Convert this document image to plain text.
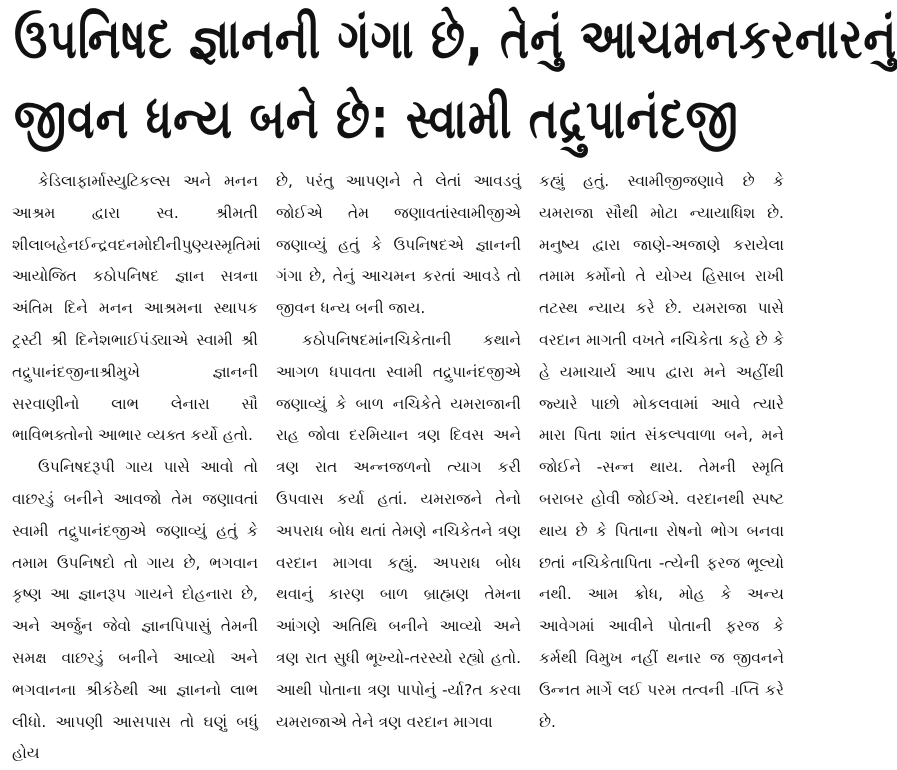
ઉપનિષદ જ્ઞાનની ગંગા છે, તેનું આચમનકરનારનું
જીવન ધન્ય બને છે: સ્વામી તદ્રુપાનંદજી

કેડિલાફાર્માસ્યુટિકલ્સ અને મનન આશ્રમ દ્વારા સ્વ. શ્રીમતી શીલાબહેનઈન્દ્રવદનમોદીનીપુણ્યસ્મૃતિમાં આયોજિત કઠોપનિષદ જ્ઞાન સત્રના અંતિમ દિને મનન આશ્રમના સ્થાપક ટ્રસ્ટી શ્રી દિનેશભાઈપંડ્યાએ સ્વામી શ્રી તદ્રુપાનંદજીનાશ્રીમુખે જ્ઞાનની સરવાણીનો લાભ લેનારા સૌ ભાવિભક્તોનો આભાર વ્યક્ત કર્યો હતો.

ઉપનિષદરૂપી ગાય પાસે આવો તો વાછરડું બનીને આવજો તેમ જણાવતાં સ્વામી તદ્રુપાનંદજીએ જણાવ્યું હતું કે તમામ ઉપનિષદો તો ગાય છે, ભગવાન કૃષ્ણ આ જ્ઞાનરૂપ ગાયને દોહનારા છે, અને અર્જુન જેવો જ્ઞાનપિપાસું તેમની સમક્ષ વાછરડું બનીને આવ્યો અને ભગવાનના શ્રીકંઠેથી આ જ્ઞાનનો લાભ લીધો. આપણી આસપાસ તો ઘણું બધું હોય

છે, પરંતુ આપણને તે લેતાં આવડવું જોઈએ તેમ જણાવતાંસ્વામીજીએ જણાવ્યું હતું કે ઉપનિષદએ જ્ઞાનની ગંગા છે, તેનું આચમન કરતાં આવડે તો જીવન ધન્ય બની જાય.

કઠોપનિષદમાંનચિકેતાની કથાને આગળ ધપાવતા સ્વામી તદ્રુપાનંદજીએ જણાવ્યું કે બાળ નચિકેતે યમરાજાની રાહ જોવા દરમિયાન ત્રણ દિવસ અને ત્રણ રાત અન્નજળનો ત્યાગ કરી ઉપવાસ કર્યા હતાં. યમરાજને તેનો અપરાધ બોધ થતાં તેમણે નચિકેતને ત્રણ વરદાન માગવા કહ્યું. અપરાધ બોધ થવાનું કારણ બાળ બ્રાહ્મણ તેમના આંગણે અતિથિ બનીને આવ્યો અને ત્રણ રાત સુધી ભૂખ્યો-તરસ્યો રહ્યો હતો. આથી પોતાના ત્રણ પાપોનું -ર્યા?ત કરવા યમરાજાએ તેને ત્રણ વરદાન માગવા

કહ્યું હતું. સ્વામીજીજણાવે છે કે યમરાજા સૌથી મોટા ન્યાયાધિશ છે. મનુષ્ય દ્વારા જાણે-અજાણે કરાયેલા તમામ કર્મોનો તે યોગ્ય હિસાબ રાખી તટસ્થ ન્યાય કરે છે. યમરાજા પાસે વરદાન માગતી વખતે નચિકેતા કહે છે કે હે યમાચાર્ય આપ દ્વારા મને અહીંથી જ્યારે પાછો મોકલવામાં આવે ત્યારે મારા પિતા શાંત સંકલ્પવાળા બને, મને જોઈને -સન્ન થાય. તેમની સ્મૃતિ બરાબર હોવી જોઈએ. વરદાનથી સ્પષ્ટ થાય છે કે પિતાના રોષનો ભોગ બનવા છતાં નચિકેતાપિતા -ત્યેની ફરજ ભૂલ્યો નથી. આમ ક્રોધ, મોહ કે અન્ય આવેગમાં આવીને પોતાની ફરજ કે કર્મથી વિમુખ નહીં થનાર જ જીવનને ઉન્નત માર્ગે લઈ પરમ તત્વની -ાપ્તિ કરે છે.
